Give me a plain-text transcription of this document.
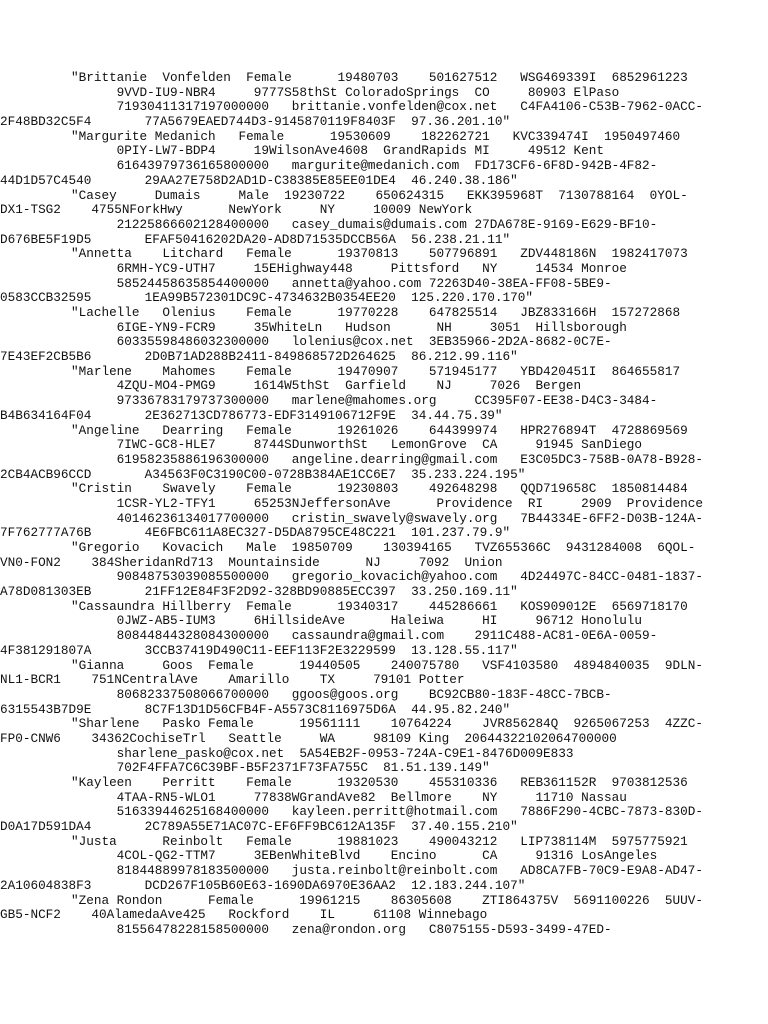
"Brittanie  Vonfelden  Female      19480703    501627512   WSG469339I  6852961223
9VVD-IU9-NBR4     9777S58thSt ColoradoSprings  CO     80903 ElPaso
71930411317197000000   brittanie.vonfelden@cox.net   C4FA4106-C53B-7962-0ACC-
2F48BD32C5F4       77A5679EAED744D3-9145870119F8403F  97.36.201.10"
"Margurite Medanich   Female      19530609    182262721   KVC339474I  1950497460
0PIY-LW7-BDP4     19WilsonAve4608  GrandRapids MI     49512 Kent
61643979736165800000   margurite@medanich.com  FD173CF6-6F8D-942B-4F82-
44D1D57C4540       29AA27E758D2AD1D-C38385E85EE01DE4  46.240.38.186"
"Casey     Dumais     Male  19230722    650624315   EKK395968T  7130788164  0YOL-
DX1-TSG2    4755NForkHwy      NewYork     NY     10009 NewYork
21225866602128400000   casey_dumais@dumais.com 27DA678E-9169-E629-BF10-
D676BE5F19D5       EFAF50416202DA20-AD8D71535DCCB56A  56.238.21.11"
"Annetta    Litchard   Female      19370813    507796891   ZDV448186N  1982417073
6RMH-YC9-UTH7     15EHighway448     Pittsford   NY     14534 Monroe
58524458635854400000   annetta@yahoo.com 72263D40-38EA-FF08-5BE9-
0583CCB32595       1EA99B572301DC9C-4734632B0354EE20  125.220.170.170"
"Lachelle   Olenius    Female      19770228    647825514   JBZ833166H  157272868
6IGE-YN9-FCR9     35WhiteLn   Hudson      NH     3051  Hillsborough
60335598486032300000   lolenius@cox.net  3EB35966-2D2A-8682-0C7E-
7E43EF2CB5B6       2D0B71AD288B2411-849868572D264625  86.212.99.116"
"Marlene    Mahomes    Female      19470907    571945177   YBD420451I  864655817
4ZQU-MO4-PMG9     1614W5thSt  Garfield    NJ     7026  Bergen
97336783179737300000   marlene@mahomes.org     CC395F07-EE38-D4C3-3484-
B4B634164F04       2E362713CD786773-EDF3149106712F9E  34.44.75.39"
"Angeline   Dearring   Female      19261026    644399974   HPR276894T  4728869569
7IWC-GC8-HLE7     8744SDunworthSt   LemonGrove  CA     91945 SanDiego
61958235886196300000   angeline.dearring@gmail.com   E3C05DC3-758B-0A78-B928-
2CB4ACB96CCD       A34563F0C3190C00-0728B384AE1CC6E7  35.233.224.195"
"Cristin    Swavely    Female      19230803    492648298   QQD719658C  1850814484
1CSR-YL2-TFY1     65253NJeffersonAve      Providence  RI     2909  Providence
40146236134017700000   cristin_swavely@swavely.org   7B44334E-6FF2-D03B-124A-
7F762777A76B       4E6FBC611A8EC327-D5DA8795CE48C221  101.237.79.9"
"Gregorio   Kovacich   Male  19850709    130394165   TVZ655366C  9431284008  6QOL-
VN0-FON2    384SheridanRd713  Mountainside      NJ     7092  Union
90848753039085500000   gregorio_kovacich@yahoo.com   4D24497C-84CC-0481-1837-
A78D081303EB       21FF12E84F3F2D92-328BD90885ECC397  33.250.169.11"
"Cassaundra Hillberry  Female      19340317    445286661   KOS909012E  6569718170
0JWZ-AB5-IUM3     6HillsideAve      Haleiwa     HI     96712 Honolulu
80844844328084300000   cassaundra@gmail.com    2911C488-AC81-0E6A-0059-
4F381291807A       3CCB37419D490C11-EEF113F2E3229599  13.128.55.117"
"Gianna     Goos  Female      19440505    240075780   VSF4103580  4894840035  9DLN-
NL1-BCR1    751NCentralAve    Amarillo    TX     79101 Potter
80682337508066700000   ggoos@goos.org    BC92CB80-183F-48CC-7BCB-
6315543B7D9E       8C7F13D1D56CFB4F-A5573C8116975D6A  44.95.82.240"
"Sharlene   Pasko Female      19561111    10764224    JVR856284Q  9265067253  4ZZC-
FP0-CNW6    34362CochiseTrl   Seattle     WA     98109 King  20644322102064700000
sharlene_pasko@cox.net  5A54EB2F-0953-724A-C9E1-8476D009E833
702F4FFA7C6C39BF-B5F2371F73FA755C  81.51.139.149"
"Kayleen    Perritt    Female      19320530    455310336   REB361152R  9703812536
4TAA-RN5-WLO1     77838WGrandAve82  Bellmore    NY     11710 Nassau
51633944625168400000   kayleen.perritt@hotmail.com   7886F290-4CBC-7873-830D-
D0A17D591DA4       2C789A55E71AC07C-EF6FF9BC612A135F  37.40.155.210"
"Justa      Reinbolt   Female      19881023    490043212   LIP738114M  5975775921
4COL-QG2-TTM7     3EBenWhiteBlvd    Encino      CA     91316 LosAngeles
81844889978183500000   justa.reinbolt@reinbolt.com   AD8CA7FB-70C9-E9A8-AD47-
2A10604838F3       DCD267F105B60E63-1690DA6970E36AA2  12.183.244.107"
"Zena Rondon      Female      19961215    86305608    ZTI864375V  5691100226  5UUV-
GB5-NCF2    40AlamedaAve425   Rockford    IL     61108 Winnebago
81556478228158500000   zena@rondon.org   C8075155-D593-3499-47ED-
